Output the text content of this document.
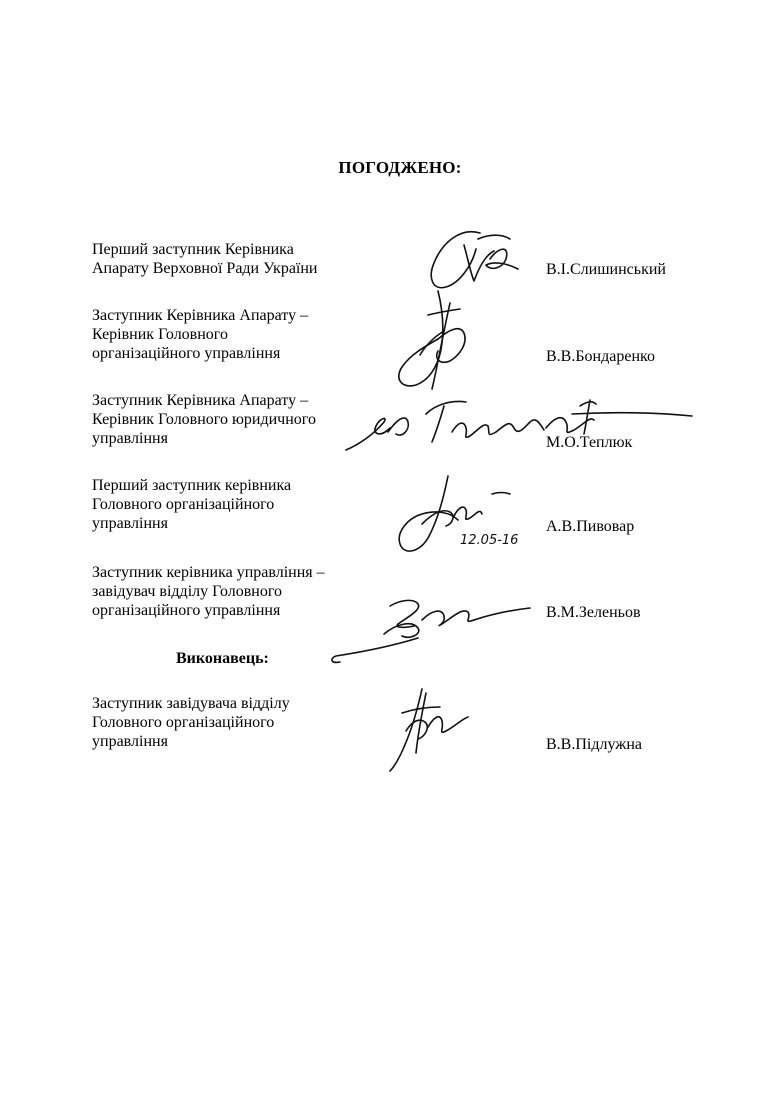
ПОГОДЖЕНО:
Перший заступник Керівника
Апарату Верховної Ради України	В.І.Слишинський
Заступник Керівника Апарату –
Керівник Головного
організаційного управління	В.В.Бондаренко
Заступник Керівника Апарату –
Керівник Головного юридичного
управління	М.О.Теплюк
Перший заступник керівника
Головного організаційного
управління	А.В.Пивовар
Заступник керівника управління –
завідувач відділу Головного
організаційного управління	В.М.Зеленьов
Виконавець:
Заступник завідувача відділу
Головного організаційного
управління	В.В.Підлужна
12.05-16
